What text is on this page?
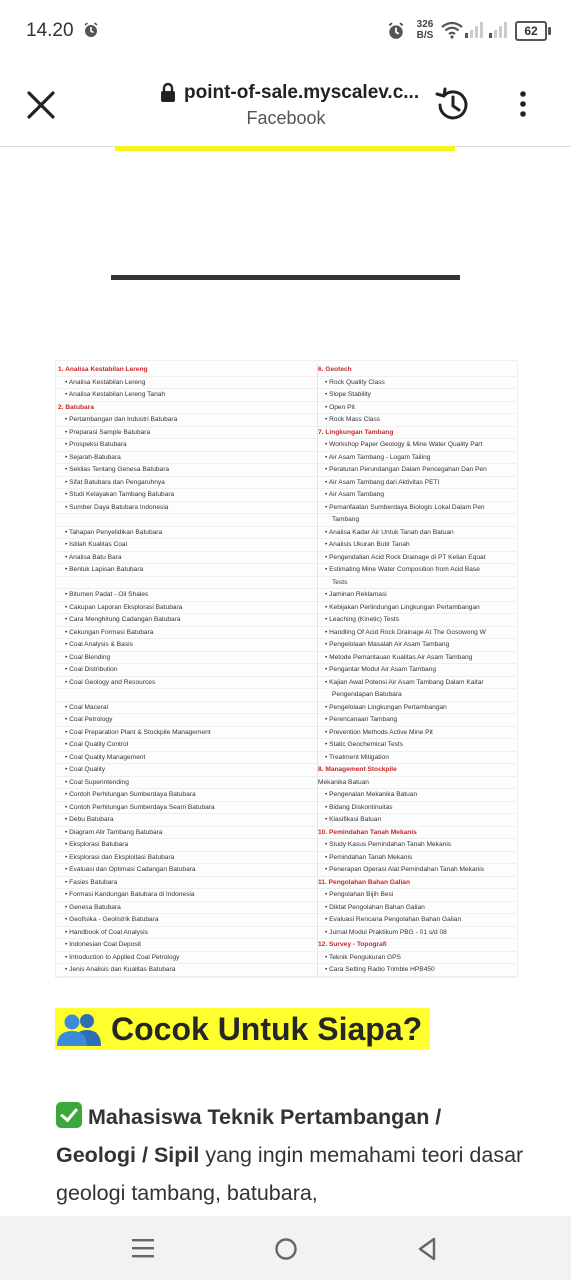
14.20	326
B/S	62
point-of-sale.myscalev.c...
Facebook
1. Analisa Kestabilan Lereng
• Analisa Kestabilan Lereng
• Analisa Kestabilan Lereng Tanah
2. Batubara
• Pertambangan dan Industri Batubara
• Preparasi Sample Batubara
• Prospeksi Batubara
• Sejarah-Batubara
• Sekilas Tentang Genesa Batubara
• Sifat Batubara dan Pengaruhnya
• Studi Kelayakan Tambang Batubara
• Sumber Daya Batubara Indonesia
• Tahapan Penyelidikan Batubara
• Istilah Kualitas Coal
• Analisa Batu Bara
• Bentuk Lapisan Batubara
• Bitumen Padat - Oil Shales
• Cakupan Laporan Eksplorasi Batubara
• Cara Menghitung Cadangan Batubara
• Cekungan Formasi Batubara
• Coal Analysis & Basis
• Coal Blending
• Coal Distribution
• Coal Geology and Resources
• Coal Maceral
• Coal Petrology
• Coal Preparation Plant & Stockpile Management
• Coal Quality Control
• Coal Quality Management
• Coal Quality
• Coal Superintending
• Contoh Perhitungan Sumberdaya Batubara
• Contoh Perhitungan Sumberdaya Seam Batubara
• Debu Batubara
• Diagram Alir Tambang Batubara
• Eksplorasi Batubara
• Eksplorasi dan Eksploitasi Batubara
• Evaluasi dan Optimasi Cadangan Batubara
• Fasies Batubara
• Formasi Kandungan Batubara di Indonesia
• Genesa Batubara
• Geofisika - Geolistrik Batubara
• Handbook of Coal Analysis
• Indonesian Coal Deposit
• Introduction to Applied Coal Petrology
• Jenis Analisis dan Kualitas Batubara
•
6. Geotech
• Rock Quality Class
• Slope Stability
• Open Pit
• Rock Mass Class
7. Lingkungan Tambang
• Workshop Paper Geology & Mine Water Quality Part
• Air Asam Tambang - Logam Tailing
• Peraturan Perundangan Dalam Pencegahan Dan Pen
• Air Asam Tambang dari Aktivitas PETI
• Air Asam Tambang
• Pemanfaatan Sumberdaya Biologis Lokal Dalam Pen
Tambang
• Analisa Kadar Air Untuk Tanah dan Batuan
• Analisis Ukuran Butir Tanah
• Pengendalian Acid Rock Drainage di PT Kelian Equat
• Estimating Mine Water Composition from Acid Base
Tests
• Jaminan Reklamasi
• Kebijakan Perlindungan Lingkungan Pertambangan
• Leaching (Kinetic) Tests
• Handling Of Acid Rock Drainage At The Gosowong W
• Pengelolaan Masalah Air Asam Tambang
• Metode Pemantauan Kualitas Air Asam Tambang
• Pengantar Modul Air Asam Tambang
• Kajian Awal Potensi Air Asam Tambang Dalam Kaitar
Pengendapan Batubara
• Pengelolaan Lingkungan Pertambangan
• Perencanaan Tambang
• Prevention Methods Active Mine Pit
• Static Geochemical Tests
• Treatment Mitigation
8. Management Stockpile
Mekanika Batuan
• Pengenalan Mekanika Batuan
• Bidang Diskontinuitas
• Klasifikasi Batuan
10. Pemindahan Tanah Mekanis
• Study Kasus Pemindahan Tanah Mekanis
• Pemindahan Tanah Mekanis
• Penerapan Operasi Alat Pemindahan Tanah Mekanis
11. Pengolahan Bahan Galian
• Pengolahan Bijih Besi
• Diktat Pengolahan Bahan Galian
• Evaluasi Rencana Pengolahan Bahan Galian
• Jurnal Modul Praktikum PBG - 01 s/d 08
12. Survey - Topografi
• Teknik Pengukuran GPS
• Cara Setting Radio Trimble HPB450
•
Cocok Untuk Siapa?
Mahasiswa Teknik Pertambangan / Geologi / Sipil yang ingin memahami teori dasar geologi tambang, batubara,
